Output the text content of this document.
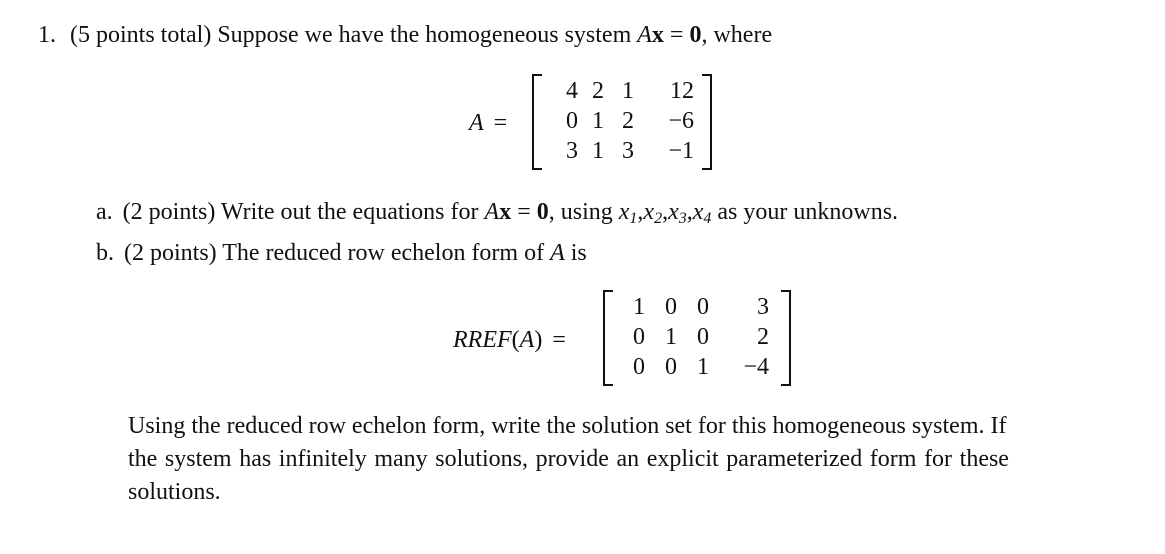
1. (5 points total) Suppose we have the homogeneous system Ax = 0, where
A =
4 2 1 12
0 1 2 −6
3 1 3 −1
a. (2 points) Write out the equations for Ax = 0, using $x_1,x_2,x_3,x_4$ as your unknowns.
b. (2 points) The reduced row echelon form of A is
RREF(A) =
1 0 0 3
0 1 0 2
0 0 1 −4
Using the reduced row echelon form, write the solution set for this homogeneous system. If
the system has infinitely many solutions, provide an explicit parameterized form for these
solutions.
